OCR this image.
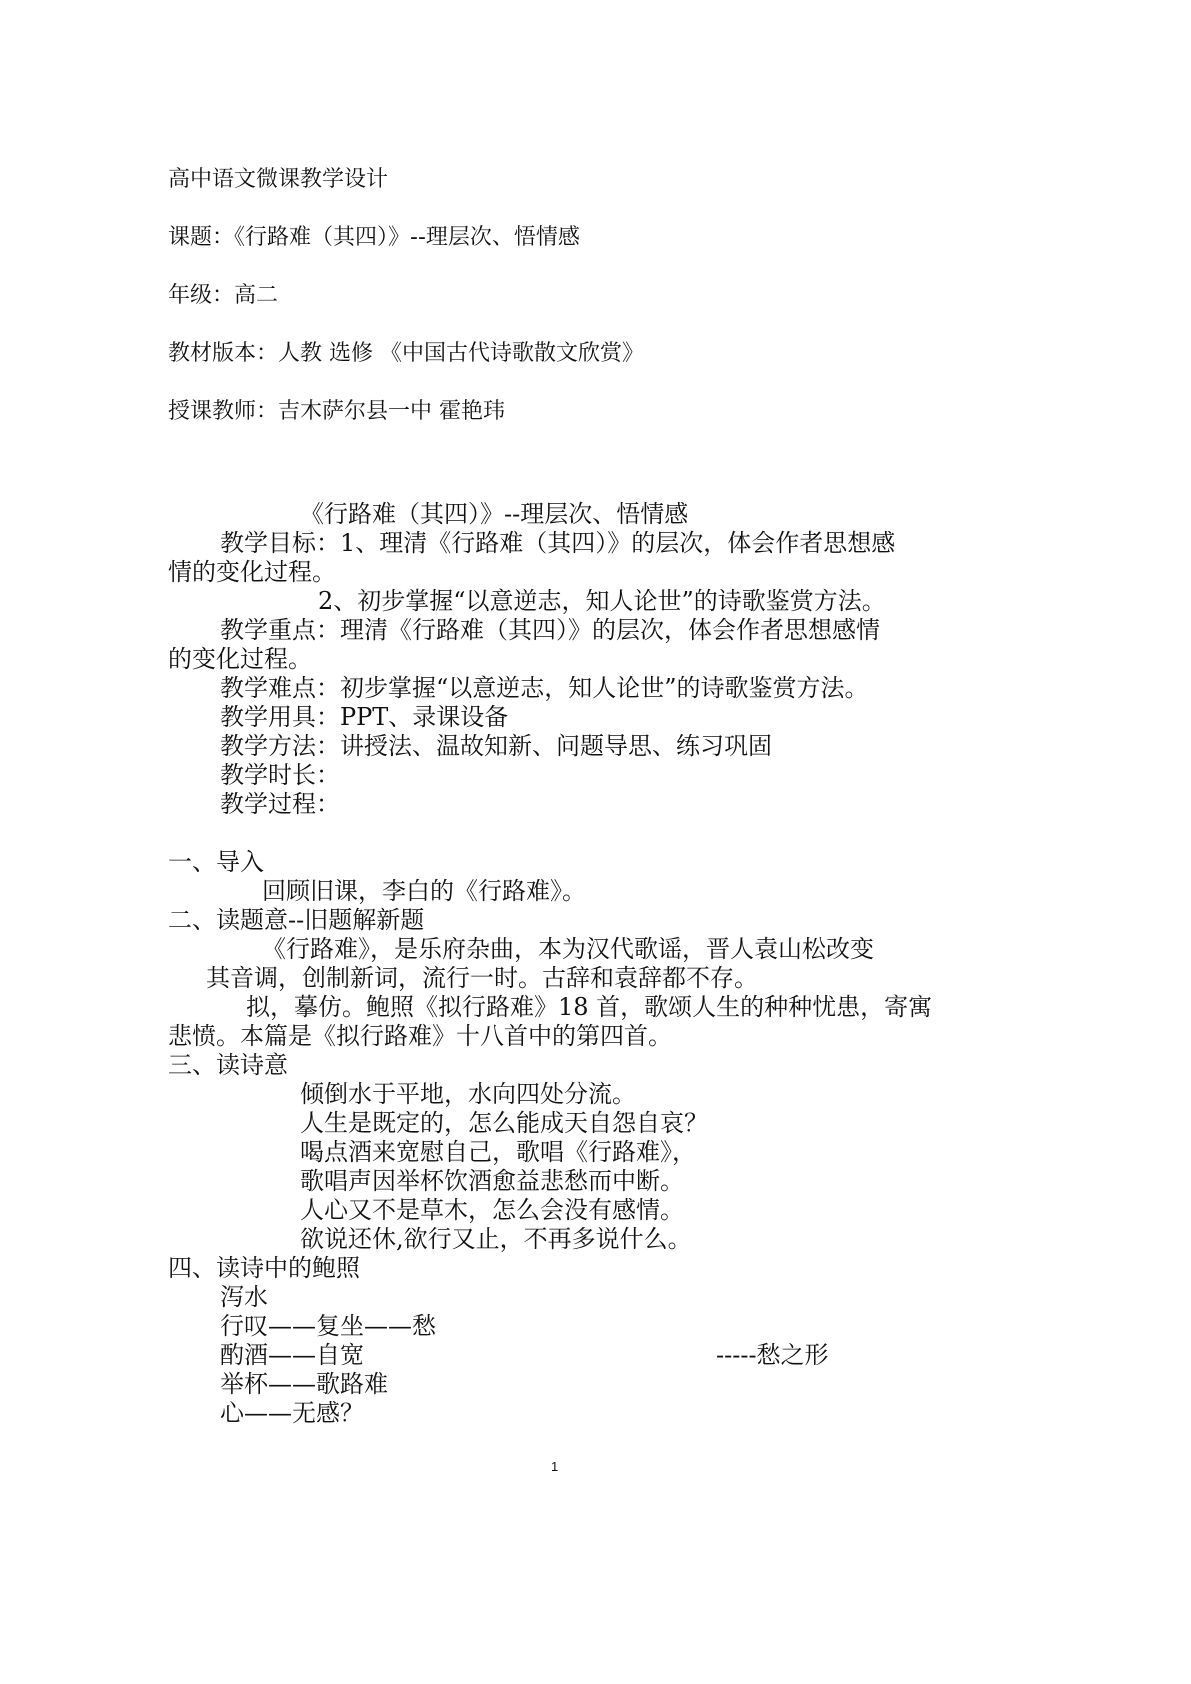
高中语文微课教学设计
课题：《行路难（其四）》--理层次、悟情感
年级：高二
教材版本：人教 选修 《中国古代诗歌散文欣赏》
授课教师：吉木萨尔县一中 霍艳玮
《行路难（其四）》--理层次、悟情感
教学目标：1、理清《行路难（其四）》的层次，体会作者思想感
情的变化过程。
2、初步掌握“以意逆志，知人论世”的诗歌鉴赏方法。
教学重点：理清《行路难（其四）》的层次，体会作者思想感情
的变化过程。
教学难点：初步掌握“以意逆志，知人论世”的诗歌鉴赏方法。
教学用具：PPT、录课设备
教学方法：讲授法、温故知新、问题导思、练习巩固
教学时长：
教学过程：
一、导入
回顾旧课，李白的《行路难》。
二、读题意--旧题解新题
《行路难》，是乐府杂曲，本为汉代歌谣，晋人袁山松改变
其音调，创制新词，流行一时。古辞和袁辞都不存。
拟，摹仿。鲍照《拟行路难》18 首，歌颂人生的种种忧患，寄寓
悲愤。本篇是《拟行路难》十八首中的第四首。
三、读诗意
倾倒水于平地，水向四处分流。
人生是既定的，怎么能成天自怨自哀？
喝点酒来宽慰自己，歌唱《行路难》，
歌唱声因举杯饮酒愈益悲愁而中断。
人心又不是草木，怎么会没有感情。
欲说还休,欲行又止，不再多说什么。
四、读诗中的鲍照
泻水
行叹——复坐——愁
酌酒——自宽	-----愁之形
举杯——歌路难
心——无感？
1
